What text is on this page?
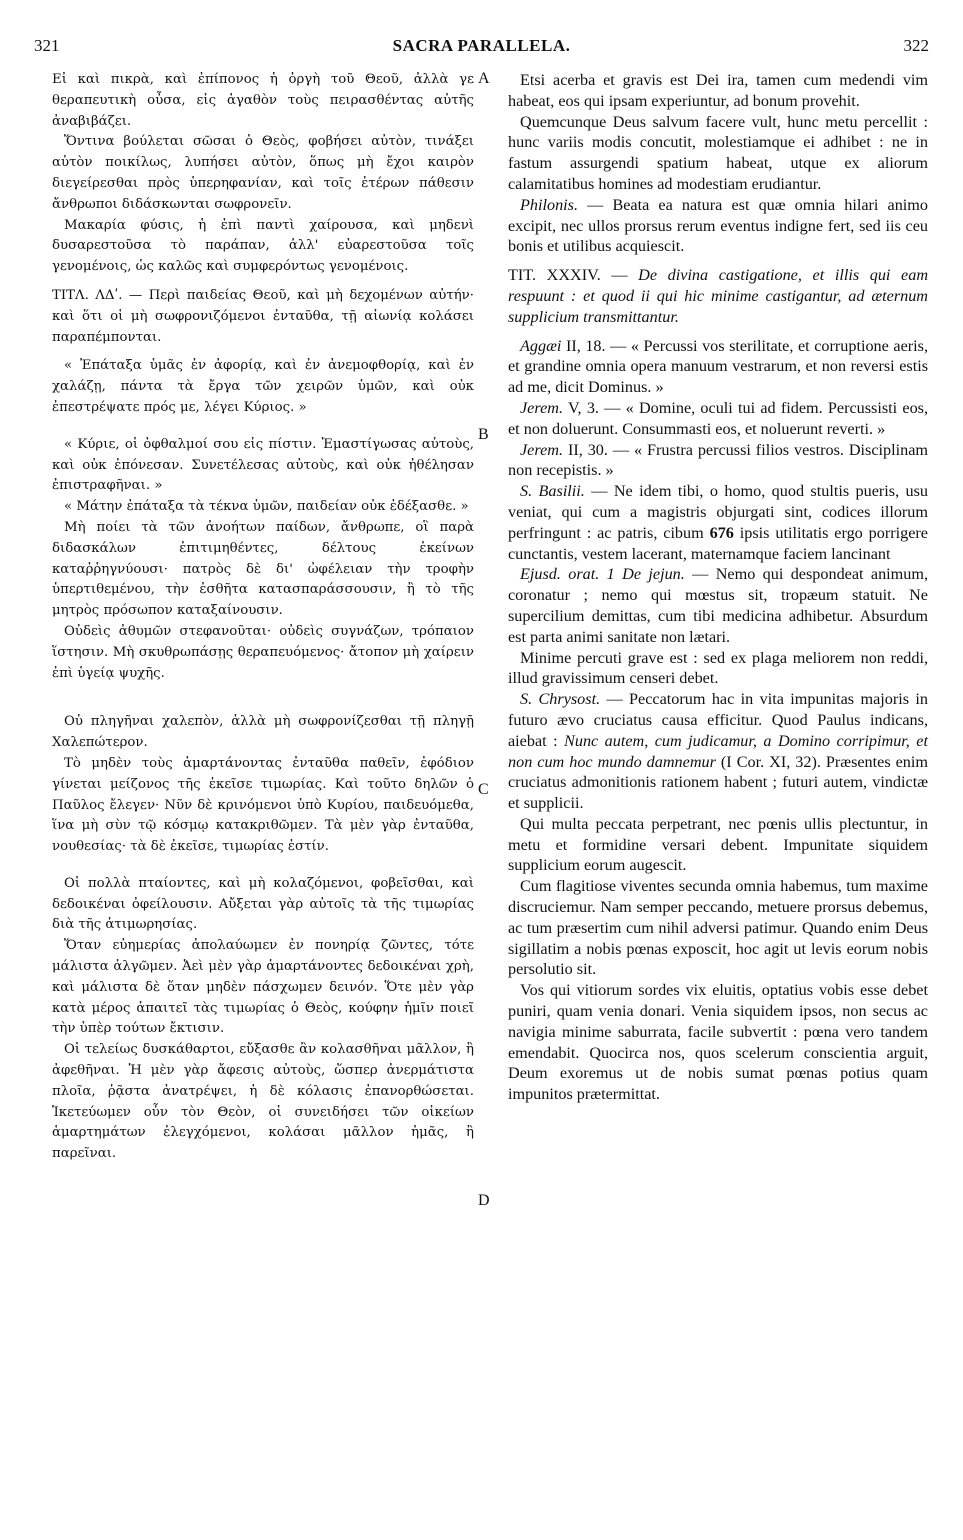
321	SACRA PARALLELA.	322
A
B
C
D

Εἰ καὶ πικρὰ, καὶ ἐπίπονος ἡ ὀργὴ τοῦ Θεοῦ, ἀλλὰ γε θεραπευτικὴ οὖσα, εἰς ἀγαθὸν τοὺς πειρασθέντας αὐτῆς ἀναβιβάζει.

Ὅντινα βούλεται σῶσαι ὁ Θεὸς, φοβήσει αὐτὸν, τινάξει αὐτὸν ποικίλως, λυπήσει αὐτὸν, ὅπως μὴ ἔχοι καιρὸν διεγείρεσθαι πρὸς ὑπερηφανίαν, καὶ τοῖς ἑτέρων πάθεσιν ἄνθρωποι διδάσκωνται σωφρονεῖν.

Μακαρία φύσις, ἡ ἐπὶ παντὶ χαίρουσα, καὶ μηδενὶ δυσαρεστοῦσα τὸ παράπαν, ἀλλ' εὐαρεστοῦσα τοῖς γενομένοις, ὡς καλῶς καὶ συμφερόντως γενομένοις.

ΤΙΤΛ. ΛΔʹ. — Περὶ παιδείας Θεοῦ, καὶ μὴ δεχομένων αὐτήν· καὶ ὅτι οἱ μὴ σωφρονιζόμενοι ἐνταῦθα, τῇ αἰωνίᾳ κολάσει παραπέμπονται.

« Ἐπάταξα ὑμᾶς ἐν ἀφορίᾳ, καὶ ἐν ἀνεμοφθορίᾳ, καὶ ἐν χαλάζῃ, πάντα τὰ ἔργα τῶν χειρῶν ὑμῶν, καὶ οὐκ ἐπεστρέψατε πρός με, λέγει Κύριος. »

« Κύριε, οἱ ὀφθαλμοί σου εἰς πίστιν. Ἐμαστίγωσας αὐτοὺς, καὶ οὐκ ἐπόνεσαν. Συνετέλεσας αὐτοὺς, καὶ οὐκ ἠθέλησαν ἐπιστραφῆναι. »

« Μάτην ἐπάταξα τὰ τέκνα ὑμῶν, παιδείαν οὐκ ἐδέξασθε. »

Μὴ ποίει τὰ τῶν ἀνοήτων παίδων, ἄνθρωπε, οἳ παρὰ διδασκάλων ἐπιτιμηθέντες, δέλτους ἐκείνων καταῤῥηγνύουσι· πατρὸς δὲ δι' ὠφέλειαν τὴν τροφὴν ὑπερτιθεμένου, τὴν ἐσθῆτα κατασπαράσσουσιν, ἢ τὸ τῆς μητρὸς πρόσωπον καταξαίνουσιν.

Οὐδεὶς ἀθυμῶν στεφανοῦται· οὐδεὶς συγνάζων, τρόπαιον ἵστησιν. Μὴ σκυθρωπάσῃς θεραπευόμενος· ἄτοπον μὴ χαίρειν ἐπὶ ὑγείᾳ ψυχῆς.

Οὐ πληγῆναι χαλεπὸν, ἀλλὰ μὴ σωφρονίζεσθαι τῇ πληγῇ Χαλεπώτερον.

Τὸ μηδὲν τοὺς ἁμαρτάνοντας ἐνταῦθα παθεῖν, ἐφόδιον γίνεται μείζονος τῆς ἐκεῖσε τιμωρίας. Καὶ τοῦτο δηλῶν ὁ Παῦλος ἔλεγεν· Νῦν δὲ κρινόμενοι ὑπὸ Κυρίου, παιδευόμεθα, ἵνα μὴ σὺν τῷ κόσμῳ κατακριθῶμεν. Τὰ μὲν γὰρ ἐνταῦθα, νουθεσίας· τὰ δὲ ἐκεῖσε, τιμωρίας ἐστίν.

Οἱ πολλὰ πταίοντες, καὶ μὴ κολαζόμενοι, φοβεῖσθαι, καὶ δεδοικέναι ὀφείλουσιν. Αὔξεται γὰρ αὐτοῖς τὰ τῆς τιμωρίας διὰ τῆς ἀτιμωρησίας.

Ὅταν εὐημερίας ἀπολαύωμεν ἐν πονηρίᾳ ζῶντες, τότε μάλιστα ἀλγῶμεν. Ἀεὶ μὲν γὰρ ἁμαρτάνοντες δεδοικέναι χρὴ, καὶ μάλιστα δὲ ὅταν μηδὲν πάσχωμεν δεινόν. Ὅτε μὲν γὰρ κατὰ μέρος ἀπαιτεῖ τὰς τιμωρίας ὁ Θεὸς, κούφην ἡμῖν ποιεῖ τὴν ὑπὲρ τούτων ἔκτισιν.

Οἱ τελείως δυσκάθαρτοι, εὔξασθε ἂν κολασθῆναι μᾶλλον, ἢ ἀφεθῆναι. Ἡ μὲν γὰρ ἄφεσις αὐτοὺς, ὥσπερ ἀνερμάτιστα πλοῖα, ῥᾷστα ἀνατρέψει, ἡ δὲ κόλασις ἐπανορθώσεται. Ἱκετεύωμεν οὖν τὸν Θεὸν, οἱ συνειδήσει τῶν οἰκείων ἁμαρτημάτων ἐλεγχόμενοι, κολάσαι μᾶλλον ἡμᾶς, ἢ παρεῖναι.

Etsi acerba et gravis est Dei ira, tamen cum medendi vim habeat, eos qui ipsam experiuntur, ad bonum provehit.

Quemcunque Deus salvum facere vult, hunc metu percellit : hunc variis modis concutit, molestiamque ei adhibet : ne in fastum assurgendi spatium habeat, utque ex aliorum calamitatibus homines ad modestiam erudiantur.

Philonis. — Beata ea natura est quæ omnia hilari animo excipit, nec ullos prorsus rerum eventus indigne fert, sed iis ceu bonis et utilibus acquiescit.

TIT. XXXIV. — De divina castigatione, et illis qui eam respuunt : et quod ii qui hic minime castigantur, ad æternum supplicium transmittantur.

Aggæi II, 18. — « Percussi vos sterilitate, et corruptione aeris, et grandine omnia opera manuum vestrarum, et non reversi estis ad me, dicit Dominus. »

Jerem. V, 3. — « Domine, oculi tui ad fidem. Percussisti eos, et non doluerunt. Consummasti eos, et noluerunt reverti. »

Jerem. II, 30. — « Frustra percussi filios vestros. Disciplinam non recepistis. »

S. Basilii. — Ne idem tibi, o homo, quod stultis pueris, usu veniat, qui cum a magistris objurgati sint, codices illorum perfringunt : ac patris, cibum 676 ipsis utilitatis ergo porrigere cunctantis, vestem lacerant, maternamque faciem lancinant

Ejusd. orat. 1 De jejun. — Nemo qui despondeat animum, coronatur ; nemo qui mœstus sit, tropæum statuit. Ne supercilium demittas, cum tibi medicina adhibetur. Absurdum est parta animi sanitate non lætari.

Minime percuti grave est : sed ex plaga meliorem non reddi, illud gravissimum censeri debet.

S. Chrysost. — Peccatorum hac in vita impunitas majoris in futuro ævo cruciatus causa efficitur. Quod Paulus indicans, aiebat : Nunc autem, cum judicamur, a Domino corripimur, et non cum hoc mundo damnemur (I Cor. XI, 32). Præsentes enim cruciatus admonitionis rationem habent ; futuri autem, vindictæ et supplicii.

Qui multa peccata perpetrant, nec pœnis ullis plectuntur, in metu et formidine versari debent. Impunitate siquidem supplicium eorum augescit.

Cum flagitiose viventes secunda omnia habemus, tum maxime discruciemur. Nam semper peccando, metuere prorsus debemus, ac tum præsertim cum nihil adversi patimur. Quando enim Deus sigillatim a nobis pœnas exposcit, hoc agit ut levis eorum nobis persolutio sit.

Vos qui vitiorum sordes vix eluitis, optatius vobis esse debet puniri, quam venia donari. Venia siquidem ipsos, non secus ac navigia minime saburrata, facile subvertit : pœna vero tandem emendabit. Quocirca nos, quos scelerum conscientia arguit, Deum exoremus ut de nobis sumat pœnas potius quam impunitos prætermittat.
